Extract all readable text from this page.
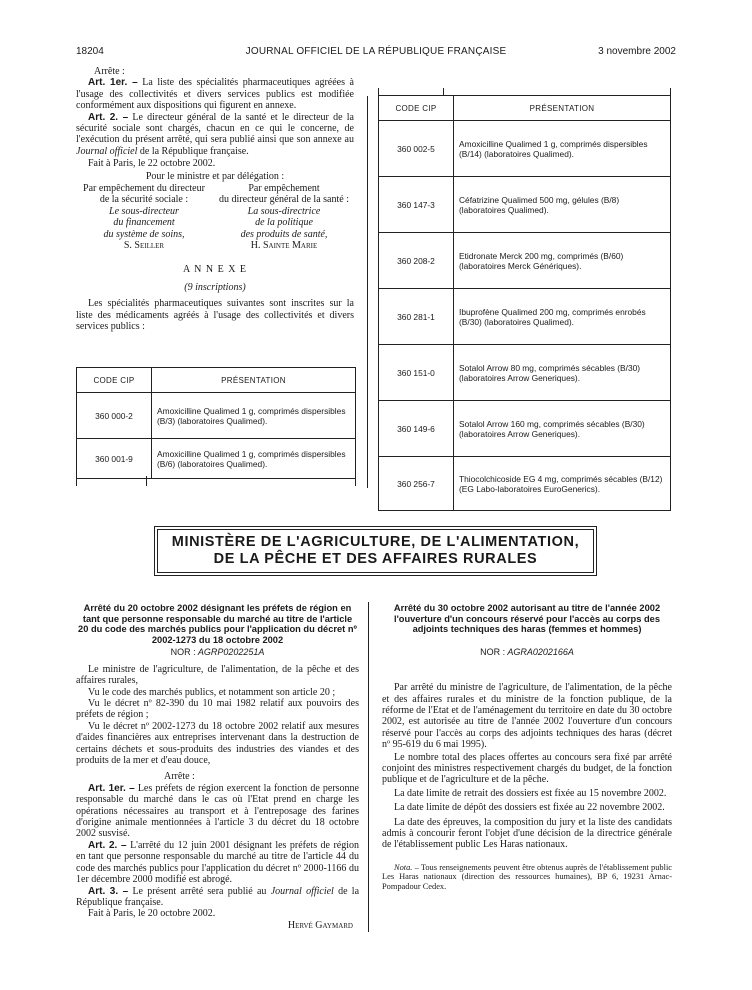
18204	JOURNAL OFFICIEL DE LA RÉPUBLIQUE FRANÇAISE	3 novembre 2002

Arrête :

Art. 1er. – La liste des spécialités pharmaceutiques agréées à l'usage des collectivités et divers services publics est modifiée conformément aux dispositions qui figurent en annexe.

Art. 2. – Le directeur général de la santé et le directeur de la sécurité sociale sont chargés, chacun en ce qui le concerne, de l'exécution du présent arrêté, qui sera publié ainsi que son annexe au Journal officiel de la République française.

Fait à Paris, le 22 octobre 2002.

Pour le ministre et par délégation :

Par empêchement du directeur
de la sécurité sociale :
Le sous-directeur
du financement
du système de soins,
S. Seiller
Par empêchement
du directeur général de la santé :
La sous-directrice
de la politique
des produits de santé,
H. Sainte Marie

A N N E X E

(9 inscriptions)

Les spécialités pharmaceutiques suivantes sont inscrites sur la liste des médicaments agréés à l'usage des collectivités et divers services publics :

CODE CIP	PRÉSENTATION
360 000-2	Amoxicilline Qualimed 1 g, comprimés dispersibles (B/3) (laboratoires Qualimed).
360 001-9	Amoxicilline Qualimed 1 g, comprimés dispersibles (B/6) (laboratoires Qualimed).
CODE CIP	PRÉSENTATION
360 002-5	Amoxicilline Qualimed 1 g, comprimés dispersibles (B/14) (laboratoires Qualimed).
360 147-3	Céfatrizine Qualimed 500 mg, gélules (B/8) (laboratoires Qualimed).
360 208-2	Etidronate Merck 200 mg, comprimés (B/60) (laboratoires Merck Génériques).
360 281-1	Ibuprofène Qualimed 200 mg, comprimés enrobés (B/30) (laboratoires Qualimed).
360 151-0	Sotalol Arrow 80 mg, comprimés sécables (B/30) (laboratoires Arrow Generiques).
360 149-6	Sotalol Arrow 160 mg, comprimés sécables (B/30) (laboratoires Arrow Generiques).
360 256-7	Thiocolchicoside EG 4 mg, comprimés sécables (B/12) (EG Labo-laboratoires EuroGenerics).
MINISTÈRE DE L'AGRICULTURE, DE L'ALIMENTATION,
DE LA PÊCHE ET DES AFFAIRES RURALES

Arrêté du 20 octobre 2002 désignant les préfets de région en tant que personne responsable du marché au titre de l'article 20 du code des marchés publics pour l'application du décret nº 2002-1273 du 18 octobre 2002

NOR : AGRP0202251A

Le ministre de l'agriculture, de l'alimentation, de la pêche et des affaires rurales,

Vu le code des marchés publics, et notamment son article 20 ;

Vu le décret nº 82-390 du 10 mai 1982 relatif aux pouvoirs des préfets de région ;

Vu le décret nº 2002-1273 du 18 octobre 2002 relatif aux mesures d'aides financières aux entreprises intervenant dans la destruction de certains déchets et sous-produits des industries des viandes et des produits de la mer et d'eau douce,

Arrête :

Art. 1er. – Les préfets de région exercent la fonction de personne responsable du marché dans le cas où l'Etat prend en charge les opérations nécessaires au transport et à l'entreposage des farines d'origine animale mentionnées à l'article 3 du décret du 18 octobre 2002 susvisé.

Art. 2. – L'arrêté du 12 juin 2001 désignant les préfets de région en tant que personne responsable du marché au titre de l'article 44 du code des marchés publics pour l'application du décret nº 2000-1166 du 1er décembre 2000 modifié est abrogé.

Art. 3. – Le présent arrêté sera publié au Journal officiel de la République française.

Fait à Paris, le 20 octobre 2002.

Hervé Gaymard

Arrêté du 30 octobre 2002 autorisant au titre de l'année 2002 l'ouverture d'un concours réservé pour l'accès au corps des adjoints techniques des haras (femmes et hommes)

NOR : AGRA0202166A

Par arrêté du ministre de l'agriculture, de l'alimentation, de la pêche et des affaires rurales et du ministre de la fonction publique, de la réforme de l'Etat et de l'aménagement du territoire en date du 30 octobre 2002, est autorisée au titre de l'année 2002 l'ouverture d'un concours réservé pour l'accès au corps des adjoints techniques des haras (décret nº 95-619 du 6 mai 1995).

Le nombre total des places offertes au concours sera fixé par arrêté conjoint des ministres respectivement chargés du budget, de la fonction publique et de l'agriculture et de la pêche.

La date limite de retrait des dossiers est fixée au 15 novembre 2002.

La date limite de dépôt des dossiers est fixée au 22 novembre 2002.

La date des épreuves, la composition du jury et la liste des candidats admis à concourir feront l'objet d'une décision de la directrice générale de l'établissement public Les Haras nationaux.

Nota. – Tous renseignements peuvent être obtenus auprès de l'établissement public Les Haras nationaux (direction des ressources humaines), BP 6, 19231 Arnac-Pompadour Cedex.
